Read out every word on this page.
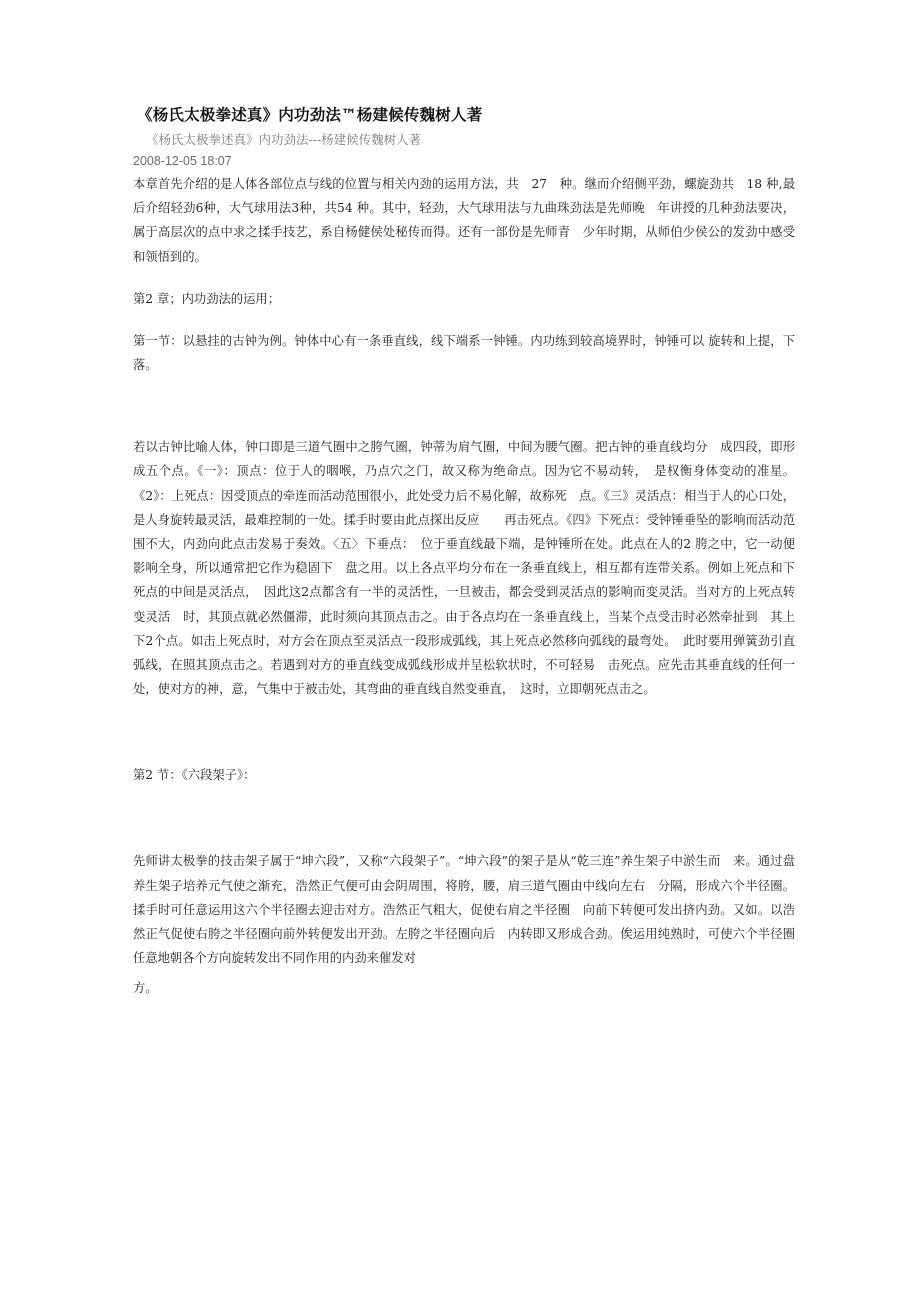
《杨氏太极拳述真》内功劲法™杨建候传魏树人著

《杨氏太极拳述真》内功劲法---杨建候传魏树人著

2008-12-05 18:07

本章首先介绍的是人体各部位点与线的位置与相关内劲的运用方法，共　27　种。继而介绍侧平劲，螺旋劲共　18 种,最后介绍轻劲6种，大气球用法3种，共54 种。其中，轻劲，大气球用法与九曲珠劲法是先师晚　年讲授的几种劲法要决，属于高层次的点中求之揉手技艺，系自杨健侯处秘传而得。还有一部份是先师青　少年时期，从师伯少侯公的发劲中感受和领悟到的。

第2 章；内功劲法的运用；

第一节：以悬挂的古钟为例。钟体中心有一条垂直线，线下端系一钟锤。内功练到较高境界时，钟锤可以 旋转和上提，下落。

若以古钟比喻人体，钟口即是三道气圈中之胯气圈，钟蒂为肩气圈，中间为腰气圈。把古钟的垂直线均分　成四段，即形成五个点。《一》：顶点：位于人的咽喉，乃点穴之门，故又称为绝命点。因为它不易动转，　是权衡身体变动的准星。《2》：上死点：因受顶点的牵连而活动范围很小，此处受力后不易化解，故称死　点。《三》灵活点：相当于人的心口处，是人身旋转最灵活，最难控制的一处。揉手时要由此点探出反应　　再击死点。《四》下死点：受钟锤垂坠的影响而活动范围不大，内劲向此点击发易于奏效。〈五〉下垂点：　位于垂直线最下端，是钟锤所在处。此点在人的2 胯之中，它一动便影响全身，所以通常把它作为稳固下　盘之用。以上各点平均分布在一条垂直线上，相互都有连带关系。例如上死点和下死点的中间是灵活点，　因此这2点都含有一半的灵活性，一旦被击，都会受到灵活点的影响而变灵活。当对方的上死点转变灵活　时，其顶点就必然僵滞，此时须向其顶点击之。由于各点均在一条垂直线上，当某个点受击时必然牵扯到　其上下2个点。如击上死点时，对方会在顶点至灵活点一段形成弧线，其上死点必然移向弧线的最弯处。　此时要用弹簧劲引直弧线，在照其顶点击之。若遇到对方的垂直线变成弧线形成并呈松软状时，不可轻易　击死点。应先击其垂直线的任何一处，使对方的神，意，气集中于被击处，其弯曲的垂直线自然变垂直，　这时，立即朝死点击之。

第2 节：《六段架子》：

先师讲太极拳的技击架子属于“坤六段”，又称“六段架子”。“坤六段”的架子是从“乾三连”养生架子中淤生而　来。通过盘养生架子培养元气使之渐充，浩然正气便可由会阴周围，将胯，腰，肩三道气圈由中线向左右　分隔，形成六个半径圈。揉手时可任意运用这六个半径圈去迎击对方。浩然正气粗大，促使右肩之半径圈　向前下转便可发出挤内劲。又如。以浩然正气促使右胯之半径圈向前外转便发出开劲。左胯之半径圈向后　内转即又形成合劲。俟运用纯熟时，可使六个半径圈任意地朝各个方向旋转发出不同作用的内劲来催发对

方。
